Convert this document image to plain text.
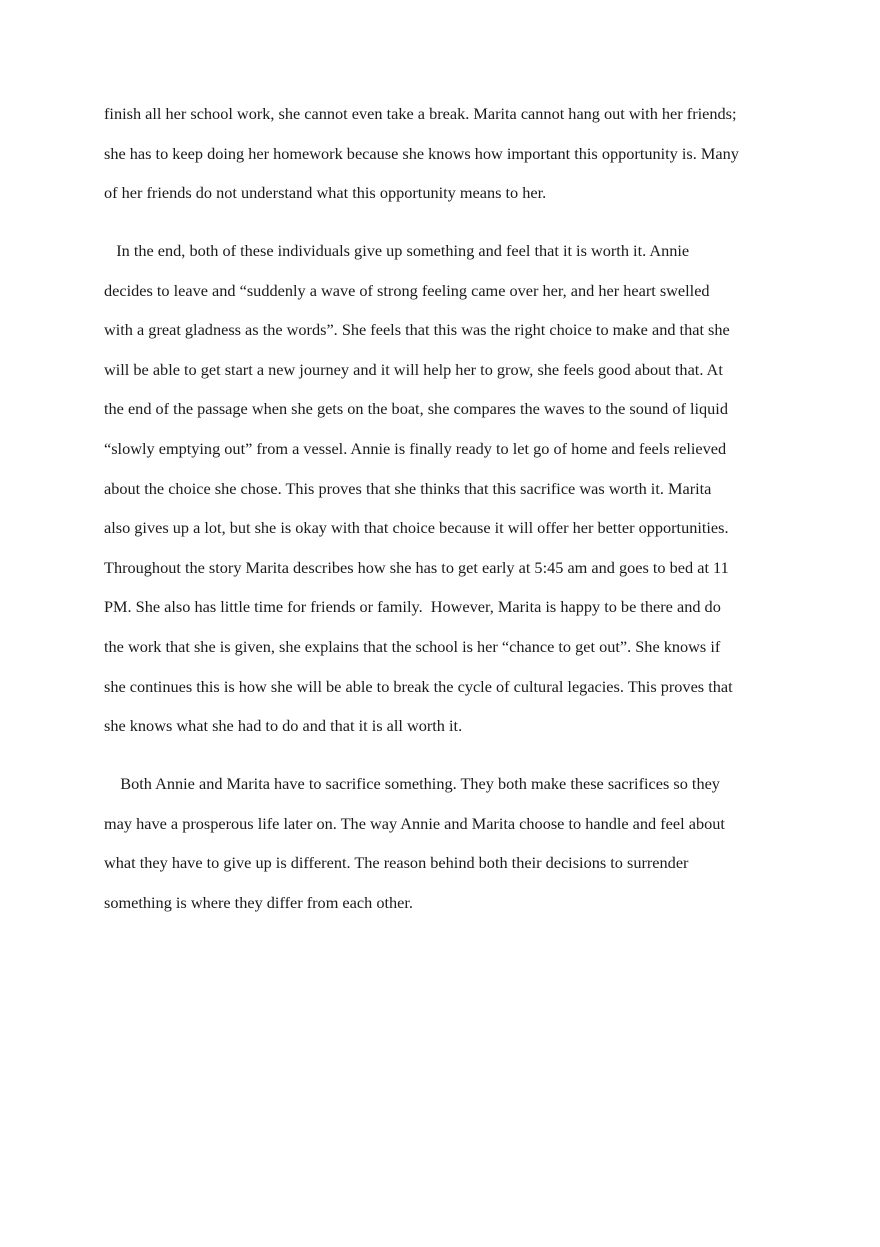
finish all her school work, she cannot even take a break. Marita cannot hang out with her friends;
she has to keep doing her homework because she knows how important this opportunity is. Many
of her friends do not understand what this opportunity means to her.
In the end, both of these individuals give up something and feel that it is worth it. Annie
decides to leave and “suddenly a wave of strong feeling came over her, and her heart swelled
with a great gladness as the words”. She feels that this was the right choice to make and that she
will be able to get start a new journey and it will help her to grow, she feels good about that. At
the end of the passage when she gets on the boat, she compares the waves to the sound of liquid
“slowly emptying out” from a vessel. Annie is finally ready to let go of home and feels relieved
about the choice she chose. This proves that she thinks that this sacrifice was worth it. Marita
also gives up a lot, but she is okay with that choice because it will offer her better opportunities.
Throughout the story Marita describes how she has to get early at 5:45 am and goes to bed at 11
PM. She also has little time for friends or family.  However, Marita is happy to be there and do
the work that she is given, she explains that the school is her “chance to get out”. She knows if
she continues this is how she will be able to break the cycle of cultural legacies. This proves that
she knows what she had to do and that it is all worth it.
Both Annie and Marita have to sacrifice something. They both make these sacrifices so they
may have a prosperous life later on. The way Annie and Marita choose to handle and feel about
what they have to give up is different. The reason behind both their decisions to surrender
something is where they differ from each other.
